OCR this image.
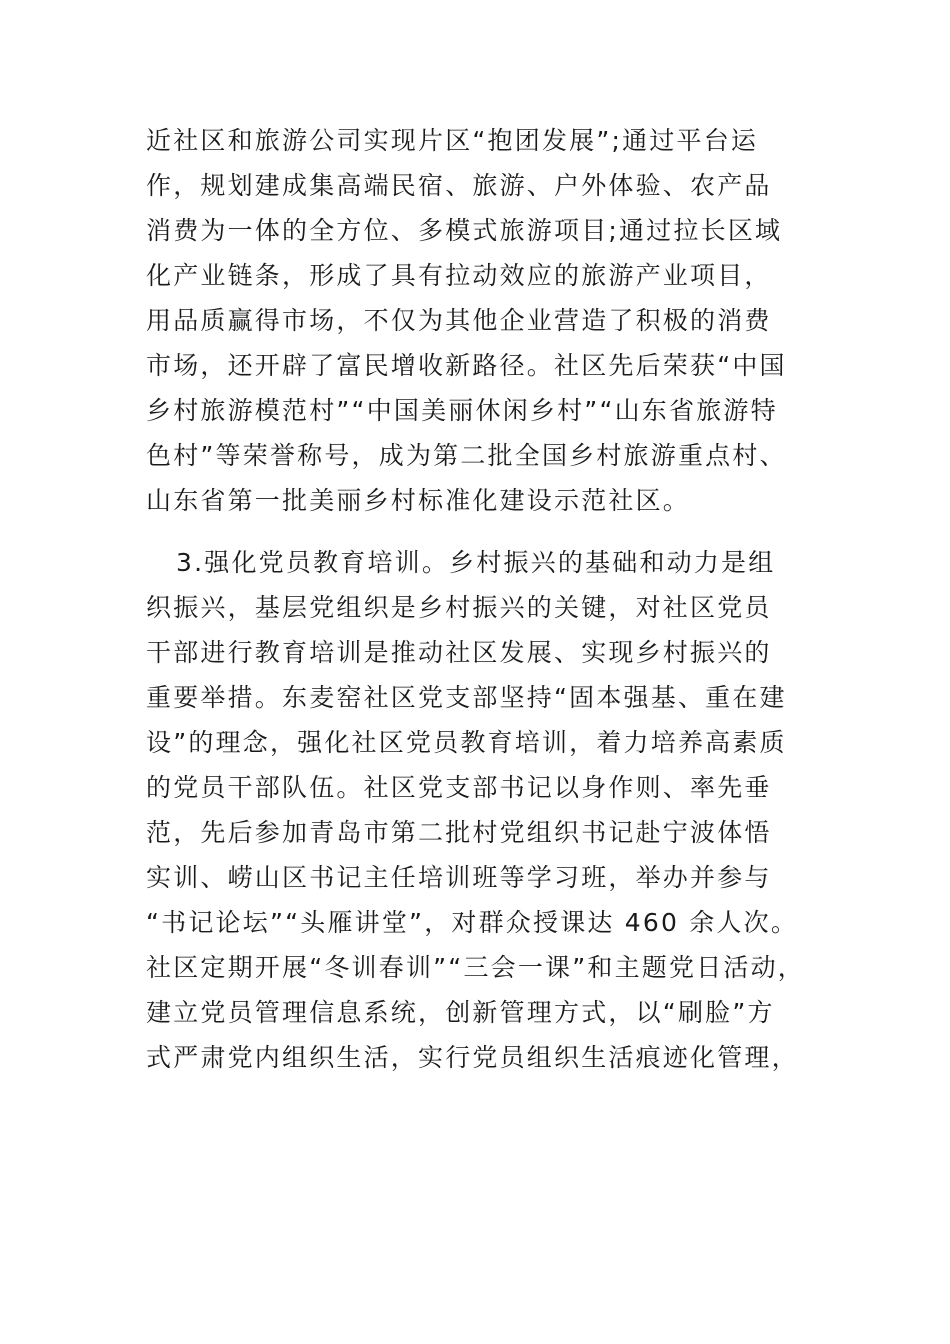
近社区和旅游公司实现片区“抱团发展”;通过平台运
作，规划建成集高端民宿、旅游、户外体验、农产品
消费为一体的全方位、多模式旅游项目;通过拉长区域
化产业链条，形成了具有拉动效应的旅游产业项目，
用品质赢得市场，不仅为其他企业营造了积极的消费
市场，还开辟了富民增收新路径。社区先后荣获“中国
乡村旅游模范村”“中国美丽休闲乡村”“山东省旅游特
色村”等荣誉称号，成为第二批全国乡村旅游重点村、
山东省第一批美丽乡村标准化建设示范社区。
3.强化党员教育培训。乡村振兴的基础和动力是组
织振兴，基层党组织是乡村振兴的关键，对社区党员
干部进行教育培训是推动社区发展、实现乡村振兴的
重要举措。东麦窑社区党支部坚持“固本强基、重在建
设”的理念，强化社区党员教育培训，着力培养高素质
的党员干部队伍。社区党支部书记以身作则、率先垂
范，先后参加青岛市第二批村党组织书记赴宁波体悟
实训、崂山区书记主任培训班等学习班，举办并参与
“书记论坛”“头雁讲堂”，对群众授课达 460 余人次。
社区定期开展“冬训春训”“三会一课”和主题党日活动，
建立党员管理信息系统，创新管理方式，以“刷脸”方
式严肃党内组织生活，实行党员组织生活痕迹化管理，
